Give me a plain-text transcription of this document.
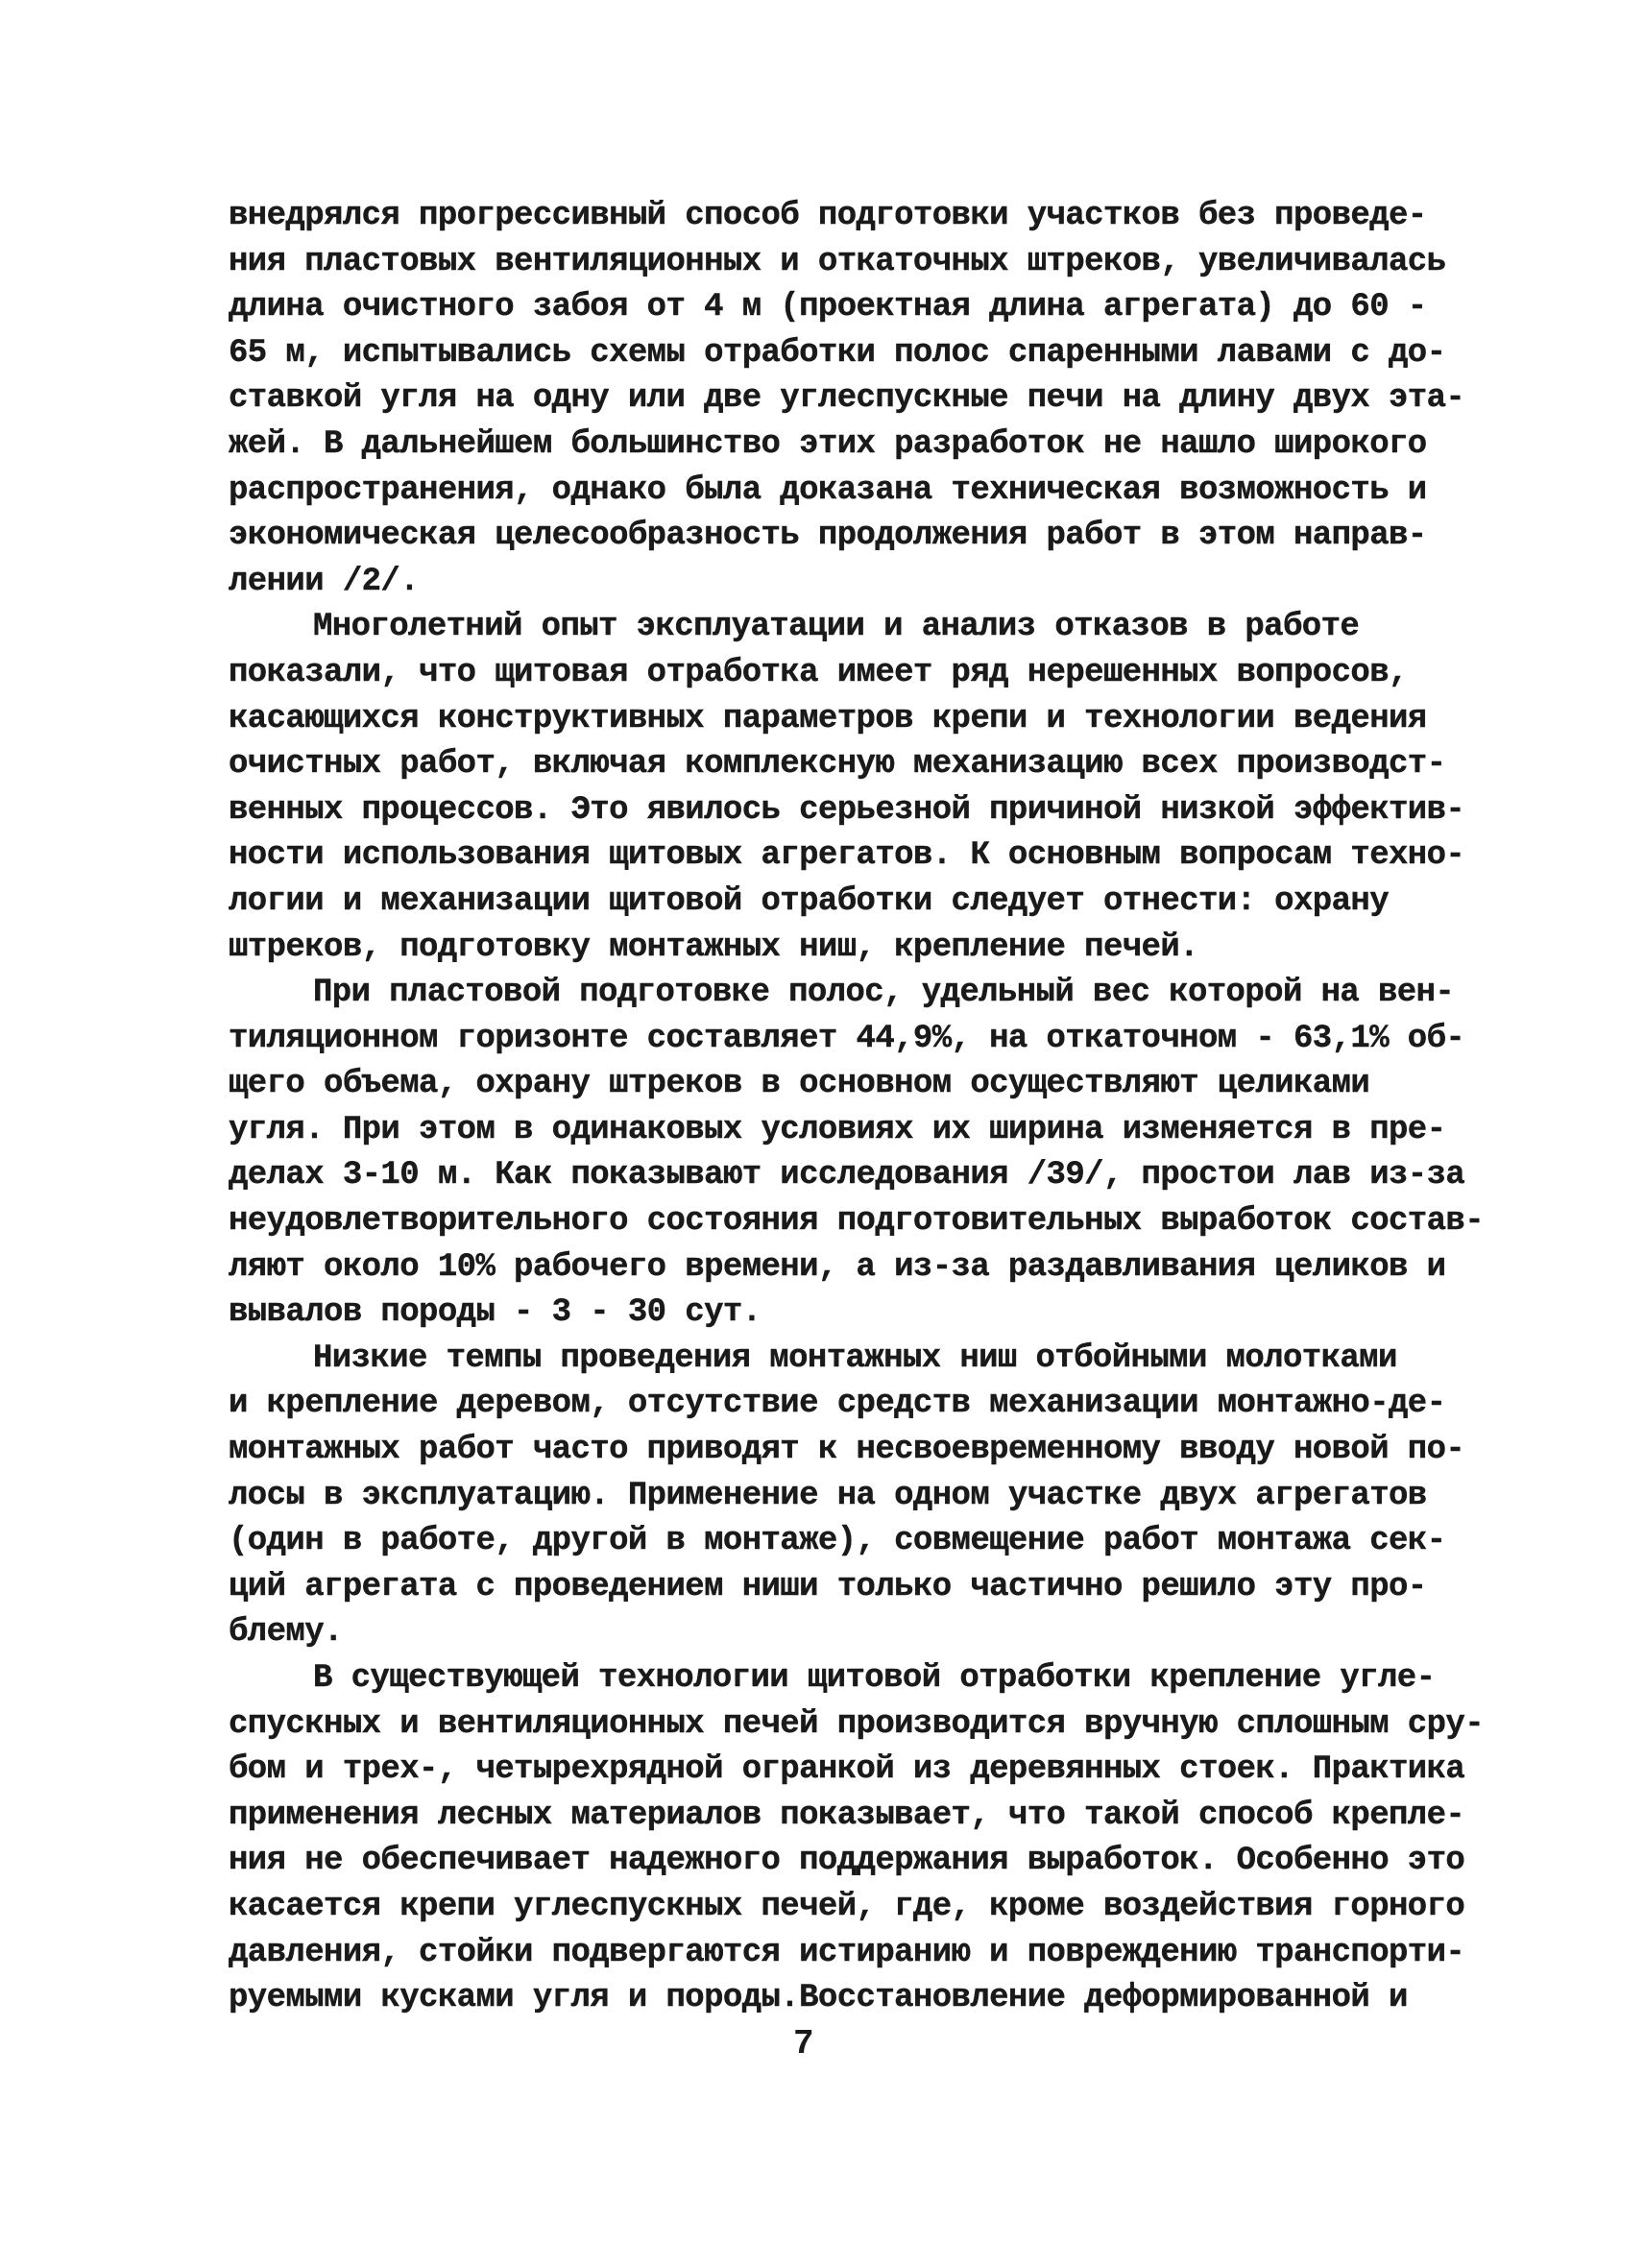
внедрялся прогрессивный способ подготовки участков без проведе-
ния пластовых вентиляционных и откаточных штреков, увеличивалась
длина очистного забоя от 4 м (проектная длина агрегата) до 60 -
65 м, испытывались схемы отработки полос спаренными лавами с до-
ставкой угля на одну или две углеспускные печи на длину двух эта-
жей. В дальнейшем большинство этих разработок не нашло широкого
распространения, однако была доказана техническая возможность и
экономическая целесообразность продолжения работ в этом направ-
лении /2/.
Многолетний опыт эксплуатации и анализ отказов в работе
показали, что щитовая отработка имеет ряд нерешенных вопросов,
касающихся конструктивных параметров крепи и технологии ведения
очистных работ, включая комплексную механизацию всех производст-
венных процессов. Это явилось серьезной причиной низкой эффектив-
ности использования щитовых агрегатов. К основным вопросам техно-
логии и механизации щитовой отработки следует отнести: охрану
штреков, подготовку монтажных ниш, крепление печей.
При пластовой подготовке полос, удельный вес которой на вен-
тиляционном горизонте составляет 44,9%, на откаточном - 63,1% об-
щего объема, охрану штреков в основном осуществляют целиками
угля. При этом в одинаковых условиях их ширина изменяется в пре-
делах 3-10 м. Как показывают исследования /39/, простои лав из-за
неудовлетворительного состояния подготовительных выработок состав-
ляют около 10% рабочего времени, а из-за раздавливания целиков и
вывалов породы - 3 - 30 сут.
Низкие темпы проведения монтажных ниш отбойными молотками
и крепление деревом, отсутствие средств механизации монтажно-де-
монтажных работ часто приводят к несвоевременному вводу новой по-
лосы в эксплуатацию. Применение на одном участке двух агрегатов
(один в работе, другой в монтаже), совмещение работ монтажа сек-
ций агрегата с проведением ниши только частично решило эту про-
блему.
В существующей технологии щитовой отработки крепление угле-
спускных и вентиляционных печей производится вручную сплошным сру-
бом и трех-, четырехрядной огранкой из деревянных стоек. Практика
применения лесных материалов показывает, что такой способ крепле-
ния не обеспечивает надежного поддержания выработок. Особенно это
касается крепи углеспускных печей, где, кроме воздействия горного
давления, стойки подвергаются истиранию и повреждению транспорти-
руемыми кусками угля и породы.Восстановление деформированной и
7
